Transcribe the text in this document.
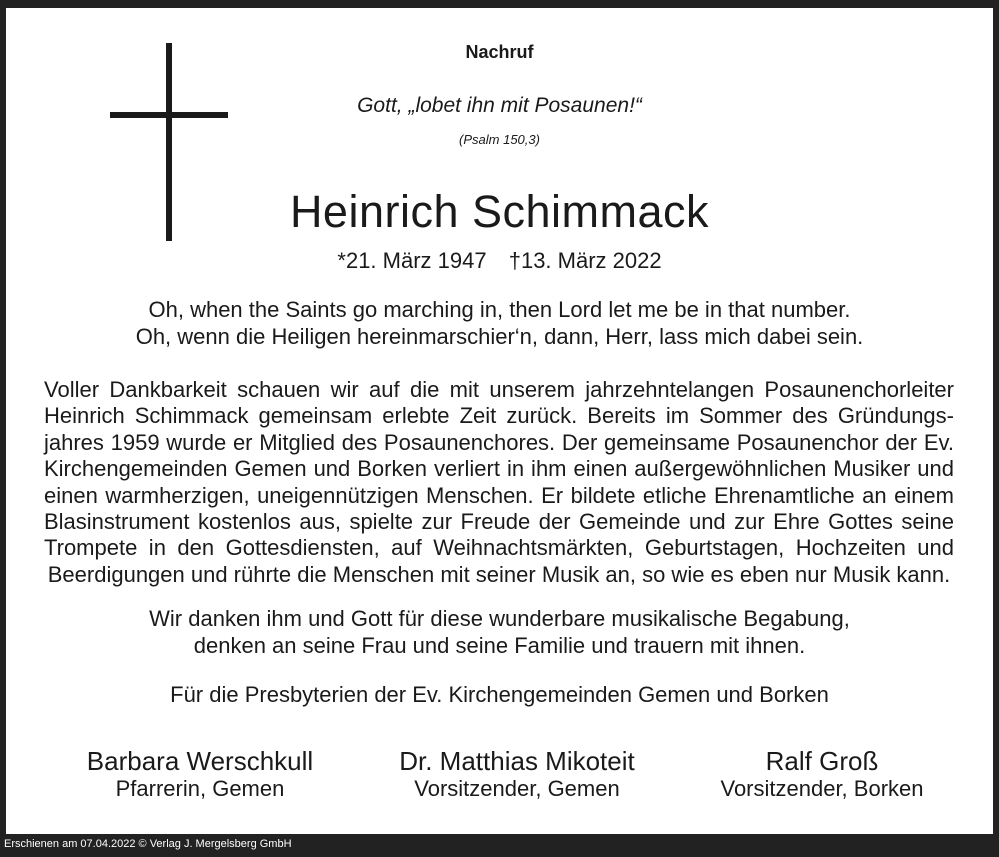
Nachruf
Gott, „lobet ihn mit Posaunen!“
(Psalm 150,3)
Heinrich Schimmack
*21. März 1947 †13. März 2022
Oh, when the Saints go marching in, then Lord let me be in that number.
Oh, wenn die Heiligen hereinmarschier‘n, dann, Herr, lass mich dabei sein.
Voller Dankbarkeit schauen wir auf die mit unserem jahrzehntelangen Posaunenchorleiter Heinrich Schimmack gemeinsam erlebte Zeit zurück. Bereits im Sommer des Gründungsjahres 1959 wurde er Mitglied des Posaunenchores. Der gemeinsame Posaunenchor der Ev. Kirchengemeinden Gemen und Borken verliert in ihm einen außergewöhnlichen Musiker und einen warmherzigen, uneigennützigen Menschen. Er bildete etliche Ehrenamtliche an einem Blasinstrument kostenlos aus, spielte zur Freude der Gemeinde und zur Ehre Gottes seine Trompete in den Gottesdiensten, auf Weihnachtsmärkten, Geburtstagen, Hochzeiten und Beerdigungen und rührte die Menschen mit seiner Musik an, so wie es eben nur Musik kann.
Wir danken ihm und Gott für diese wunderbare musikalische Begabung,
denken an seine Frau und seine Familie und trauern mit ihnen.
Für die Presbyterien der Ev. Kirchengemeinden Gemen und Borken
Barbara Werschkull
Pfarrerin, Gemen
Dr. Matthias Mikoteit
Vorsitzender, Gemen
Ralf Groß
Vorsitzender, Borken
Erschienen am 07.04.2022 © Verlag J. Mergelsberg GmbH
